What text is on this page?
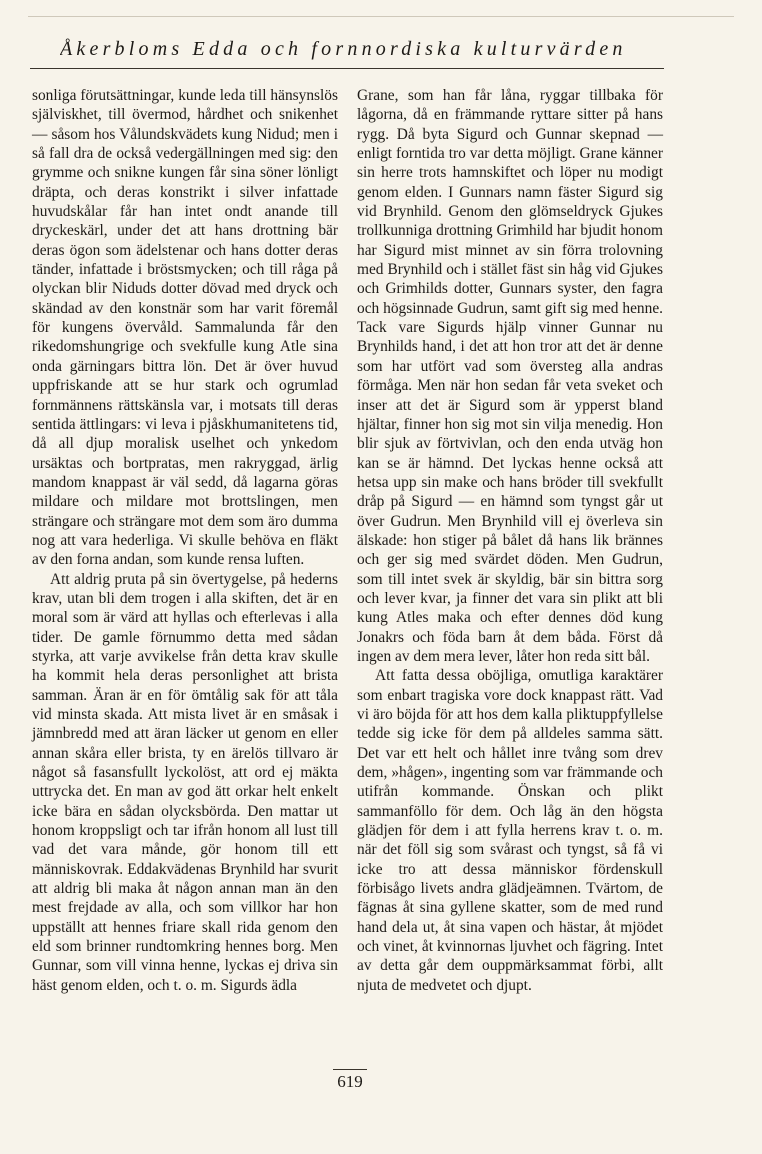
Åkerbloms Edda och fornnordiska kulturvärden

sonliga förutsättningar, kunde leda till hänsynslös själviskhet, till övermod, hårdhet och snikenhet — såsom hos Vålundskvädets kung Nidud; men i så fall dra de också vedergällningen med sig: den grymme och snikne kungen får sina söner lönligt dräpta, och deras konstrikt i silver infattade huvudskålar får han intet ondt anande till dryckeskärl, under det att hans drottning bär deras ögon som ädelstenar och hans dotter deras tänder, infattade i bröstsmycken; och till råga på olyckan blir Niduds dotter dövad med dryck och skändad av den konstnär som har varit föremål för kungens övervåld. Sammalunda får den rikedomshungrige och svekfulle kung Atle sina onda gärningars bittra lön. Det är över huvud uppfriskande att se hur stark och ogrumlad fornmännens rättskänsla var, i motsats till deras sentida ättlingars: vi leva i pjåskhumanitetens tid, då all djup moralisk uselhet och ynkedom ursäktas och bortpratas, men rakryggad, ärlig mandom knappast är väl sedd, då lagarna göras mildare och mildare mot brottslingen, men strängare och strängare mot dem som äro dumma nog att vara hederliga. Vi skulle behöva en fläkt av den forna andan, som kunde rensa luften.

Att aldrig pruta på sin övertygelse, på hederns krav, utan bli dem trogen i alla skiften, det är en moral som är värd att hyllas och efterlevas i alla tider. De gamle förnummo detta med sådan styrka, att varje avvikelse från detta krav skulle ha kommit hela deras personlighet att brista samman. Äran är en för ömtålig sak för att tåla vid minsta skada. Att mista livet är en småsak i jämnbredd med att äran läcker ut genom en eller annan skåra eller brista, ty en ärelös tillvaro är något så fasansfullt lyckolöst, att ord ej mäkta uttrycka det. En man av god ätt orkar helt enkelt icke bära en sådan olycksbörda. Den mattar ut honom kroppsligt och tar ifrån honom all lust till vad det vara månde, gör honom till ett människovrak. Eddakvädenas Brynhild har svurit att aldrig bli maka åt någon annan man än den mest frejdade av alla, och som villkor har hon uppställt att hennes friare skall rida genom den eld som brinner rundtomkring hennes borg. Men Gunnar, som vill vinna henne, lyckas ej driva sin häst genom elden, och t. o. m. Sigurds ädla

Grane, som han får låna, ryggar tillbaka för lågorna, då en främmande ryttare sitter på hans rygg. Då byta Sigurd och Gunnar skepnad — enligt forntida tro var detta möjligt. Grane känner sin herre trots hamnskiftet och löper nu modigt genom elden. I Gunnars namn fäster Sigurd sig vid Brynhild. Genom den glömseldryck Gjukes trollkunniga drottning Grimhild har bjudit honom har Sigurd mist minnet av sin förra trolovning med Brynhild och i stället fäst sin håg vid Gjukes och Grimhilds dotter, Gunnars syster, den fagra och högsinnade Gudrun, samt gift sig med henne. Tack vare Sigurds hjälp vinner Gunnar nu Brynhilds hand, i det att hon tror att det är denne som har utfört vad som översteg alla andras förmåga. Men när hon sedan får veta sveket och inser att det är Sigurd som är ypperst bland hjältar, finner hon sig mot sin vilja menedig. Hon blir sjuk av förtvivlan, och den enda utväg hon kan se är hämnd. Det lyckas henne också att hetsa upp sin make och hans bröder till svekfullt dråp på Sigurd — en hämnd som tyngst går ut över Gudrun. Men Brynhild vill ej överleva sin älskade: hon stiger på bålet då hans lik brännes och ger sig med svärdet döden. Men Gudrun, som till intet svek är skyldig, bär sin bittra sorg och lever kvar, ja finner det vara sin plikt att bli kung Atles maka och efter dennes död kung Jonakrs och föda barn åt dem båda. Först då ingen av dem mera lever, låter hon reda sitt bål.

Att fatta dessa oböjliga, omutliga karaktärer som enbart tragiska vore dock knappast rätt. Vad vi äro böjda för att hos dem kalla pliktuppfyllelse tedde sig icke för dem på alldeles samma sätt. Det var ett helt och hållet inre tvång som drev dem, »hågen», ingenting som var främmande och utifrån kommande. Önskan och plikt sammanföllo för dem. Och låg än den högsta glädjen för dem i att fylla herrens krav t. o. m. när det föll sig som svårast och tyngst, så få vi icke tro att dessa människor fördenskull förbisågo livets andra glädjeämnen. Tvärtom, de fägnas åt sina gyllene skatter, som de med rund hand dela ut, åt sina vapen och hästar, åt mjödet och vinet, åt kvinnornas ljuvhet och fägring. Intet av detta går dem ouppmärksammat förbi, allt njuta de medvetet och djupt.

619
